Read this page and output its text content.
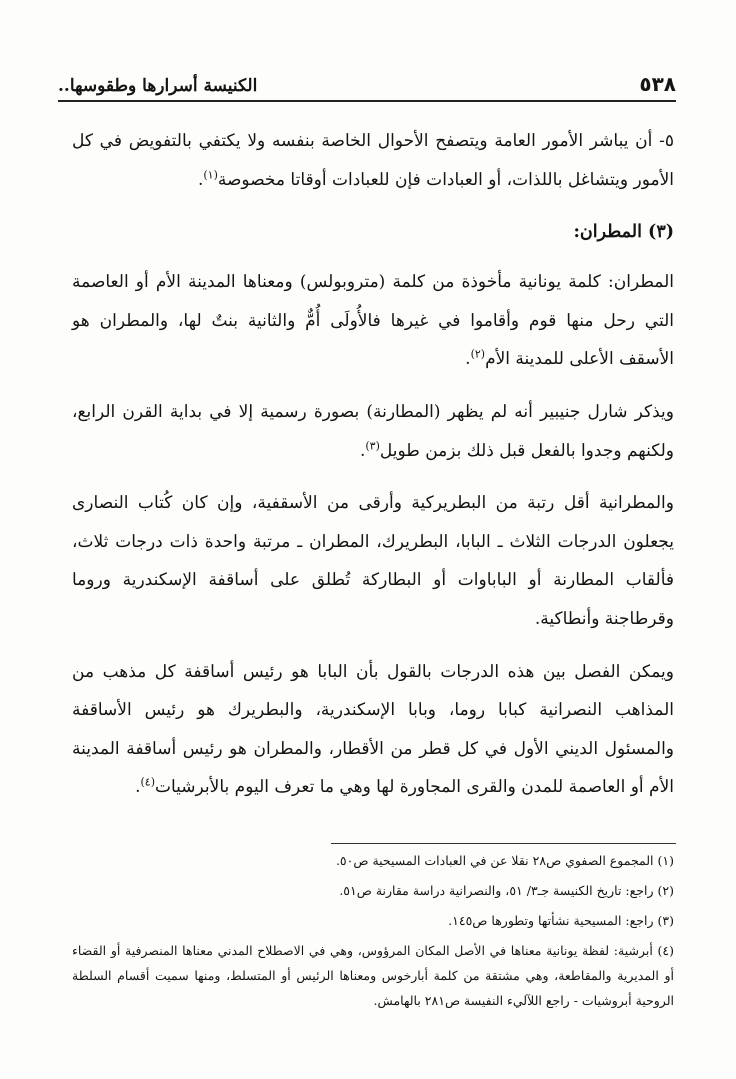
٥٣٨
الكنيسة أسرارها وطقوسها..

٥- أن يباشر الأمور العامة ويتصفح الأحوال الخاصة بنفسه ولا يكتفي بالتفويض في كل الأمور ويتشاغل باللذات، أو العبادات فإن للعبادات أوقاتا مخصوصة$^{(١)}$.

(٣) المطران:

المطران: كلمة يونانية مأخوذة من كلمة (متروبولس) ومعناها المدينة الأم أو العاصمة التي رحل منها قوم وأقاموا في غيرها فالأُولَى أُمٌّ والثانية بنتٌ لها، والمطران هو الأسقف الأعلى للمدينة الأم$^{(٢)}$.

ويذكر شارل جنيبير أنه لم يظهر (المطارنة) بصورة رسمية إلا في بداية القرن الرابع، ولكنهم وجدوا بالفعل قبل ذلك بزمن طويل$^{(٣)}$.

والمطرانية أقل رتبة من البطريركية وأرقى من الأسقفية، وإن كان كُتاب النصارى يجعلون الدرجات الثلاث ـ البابا، البطريرك، المطران ـ مرتبة واحدة ذات درجات ثلاث، فألقاب المطارنة أو الباباوات أو البطاركة تُطلق على أساقفة الإسكندرية وروما وقرطاجنة وأنطاكية.

ويمكن الفصل بين هذه الدرجات بالقول بأن البابا هو رئيس أساقفة كل مذهب من المذاهب النصرانية كبابا روما، وبابا الإسكندرية، والبطريرك هو رئيس الأساقفة والمسئول الديني الأول في كل قطر من الأقطار، والمطران هو رئيس أساقفة المدينة الأم أو العاصمة للمدن والقرى المجاورة لها وهي ما تعرف اليوم بالأبرشيات$^{(٤)}$.

(١) المجموع الصفوي ص٢٨ نقلا عن في العبادات المسيحية ص٥٠.

(٢) راجع: تاريخ الكنيسة جـ٣/ ٥١، والنصرانية دراسة مقارنة ص٥١.

(٣) راجع: المسيحية نشأتها وتطورها ص١٤٥.

(٤) أبرشية: لفظة يونانية معناها في الأصل المكان المرؤوس، وهي في الاصطلاح المدني معناها المنصرفية أو القضاء أو المديرية والمقاطعة، وهي مشتقة من كلمة أبارخوس ومعناها الرئيس أو المتسلط، ومنها سميت أقسام السلطة الروحية أبروشيات - راجع اللآليء النفيسة ص٢٨١ بالهامش.
